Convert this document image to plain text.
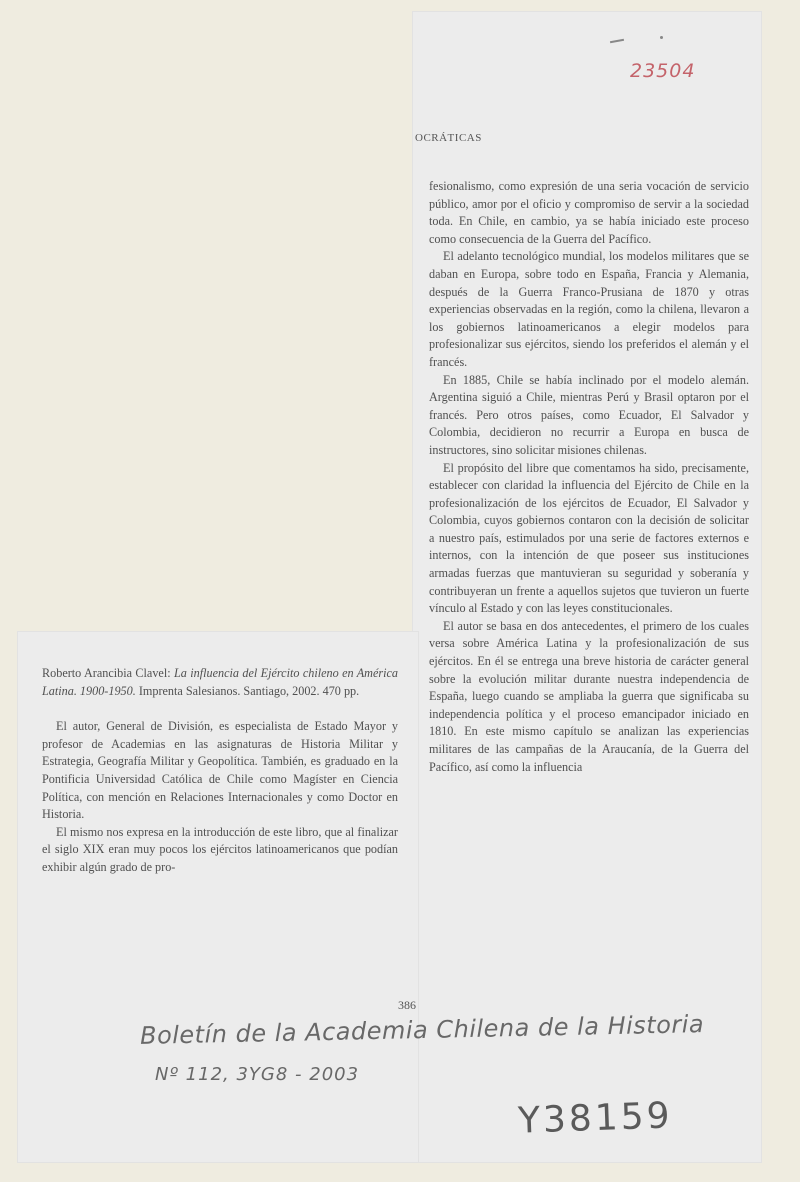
23504
OCRÁTICAS

fesionalismo, como expresión de una seria vocación de servicio público, amor por el oficio y compromiso de servir a la sociedad toda. En Chile, en cambio, ya se había iniciado este proceso como consecuencia de la Guerra del Pacífico.

El adelanto tecnológico mundial, los modelos militares que se daban en Europa, sobre todo en España, Francia y Alemania, después de la Guerra Franco-Prusiana de 1870 y otras experiencias observadas en la región, como la chilena, llevaron a los gobiernos latinoamericanos a elegir modelos para profesionalizar sus ejércitos, siendo los preferidos el alemán y el francés.

En 1885, Chile se había inclinado por el modelo alemán. Argentina siguió a Chile, mientras Perú y Brasil optaron por el francés. Pero otros países, como Ecuador, El Salvador y Colombia, decidieron no recurrir a Europa en busca de instructores, sino solicitar misiones chilenas.

El propósito del libre que comentamos ha sido, precisamente, establecer con claridad la influencia del Ejército de Chile en la profesionalización de los ejércitos de Ecuador, El Salvador y Colombia, cuyos gobiernos contaron con la decisión de solicitar a nuestro país, estimulados por una serie de factores externos e internos, con la intención de que poseer sus instituciones armadas fuerzas que mantuvieran su seguridad y soberanía y contribuyeran un frente a aquellos sujetos que tuvieron un fuerte vínculo al Estado y con las leyes constitucionales.

El autor se basa en dos antecedentes, el primero de los cuales versa sobre América Latina y la profesionalización de sus ejércitos. En él se entrega una breve historia de carácter general sobre la evolución militar durante nuestra independencia de España, luego cuando se ampliaba la guerra que significaba su independencia política y el proceso emancipador iniciado en 1810. En este mismo capítulo se analizan las experiencias militares de las campañas de la Araucanía, de la Guerra del Pacífico, así como la influencia

Roberto Arancibia Clavel: La influencia del Ejército chileno en América Latina. 1900-1950. Imprenta Salesianos. Santiago, 2002. 470 pp.

El autor, General de División, es especialista de Estado Mayor y profesor de Academias en las asignaturas de Historia Militar y Estrategia, Geografía Militar y Geopolítica. También, es graduado en la Pontificia Universidad Católica de Chile como Magíster en Ciencia Política, con mención en Relaciones Internacionales y como Doctor en Historia.

El mismo nos expresa en la introducción de este libro, que al finalizar el siglo XIX eran muy pocos los ejércitos latinoamericanos que podían exhibir algún grado de pro-

386
Boletín de la Academia Chilena de la Historia
Nº 112, 3YG8 - 2003
Y38159
